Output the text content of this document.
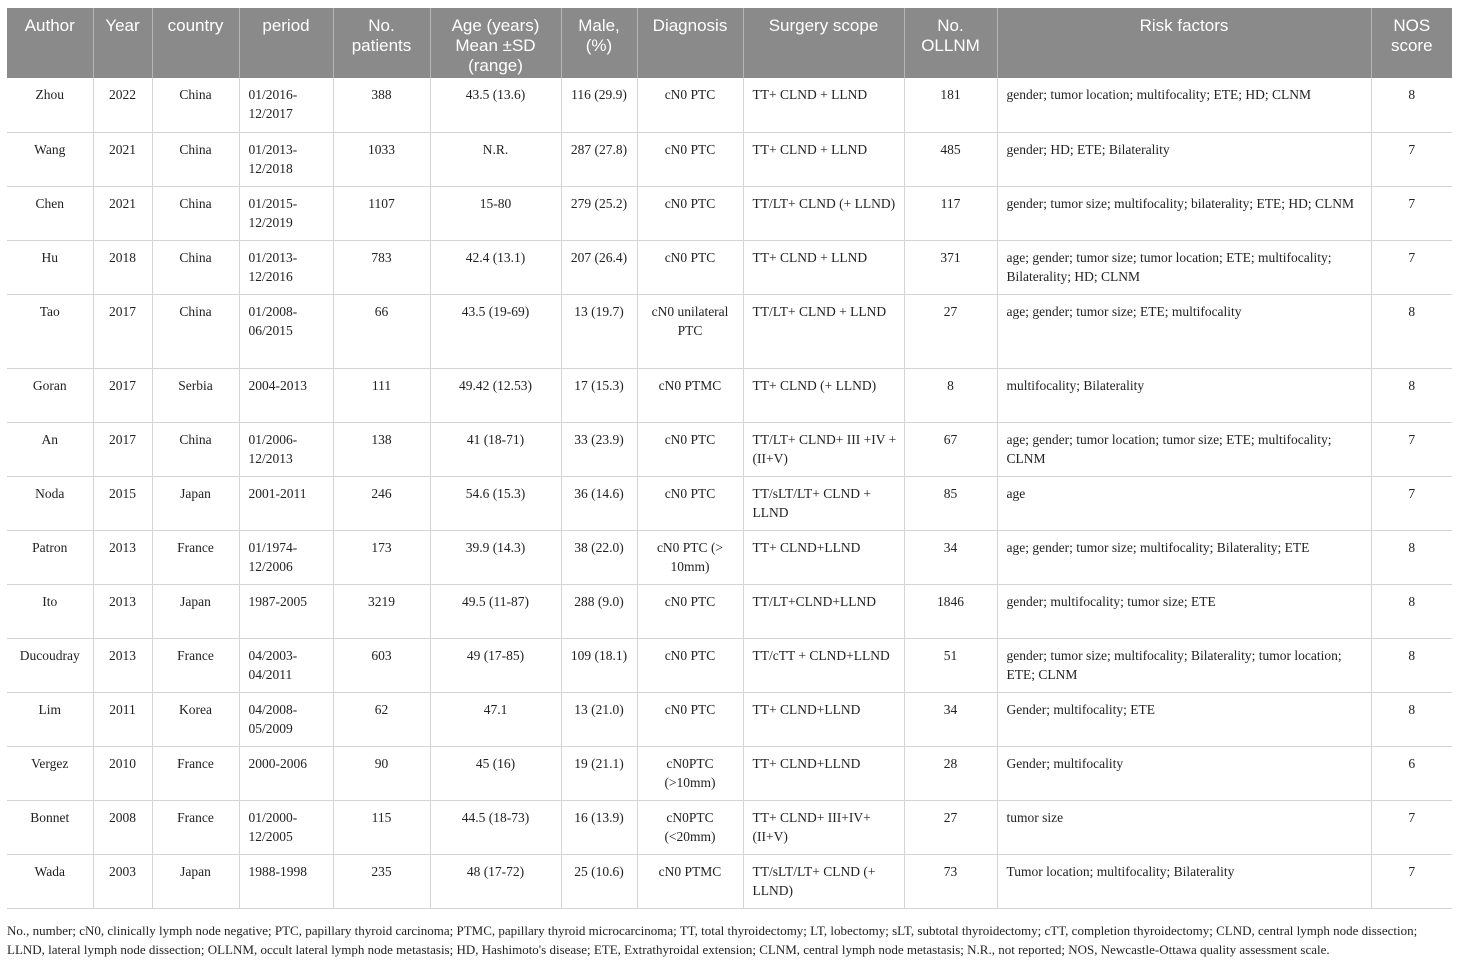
Author	Year	country	period	No. patients	Age (years) Mean ±SD (range)	Male, (%)	Diagnosis	Surgery scope	No. OLLNM	Risk factors	NOS score
Zhou	2022	China	01/2016-12/2017	388	43.5 (13.6)	116 (29.9)	cN0 PTC	TT+ CLND + LLND	181	gender; tumor location; multifocality; ETE; HD; CLNM	8
Wang	2021	China	01/2013-12/2018	1033	N.R.	287 (27.8)	cN0 PTC	TT+ CLND + LLND	485	gender; HD; ETE; Bilaterality	7
Chen	2021	China	01/2015-12/2019	1107	15-80	279 (25.2)	cN0 PTC	TT/LT+ CLND (+ LLND)	117	gender; tumor size; multifocality; bilaterality; ETE; HD; CLNM	7
Hu	2018	China	01/2013-12/2016	783	42.4 (13.1)	207 (26.4)	cN0 PTC	TT+ CLND + LLND	371	age; gender; tumor size; tumor location; ETE; multifocality; Bilaterality; HD; CLNM	7
Tao	2017	China	01/2008-06/2015	66	43.5 (19-69)	13 (19.7)	cN0 unilateral PTC	TT/LT+ CLND + LLND	27	age; gender; tumor size; ETE; multifocality	8
Goran	2017	Serbia	2004-2013	111	49.42 (12.53)	17 (15.3)	cN0 PTMC	TT+ CLND (+ LLND)	8	multifocality; Bilaterality	8
An	2017	China	01/2006-12/2013	138	41 (18-71)	33 (23.9)	cN0 PTC	TT/LT+ CLND+ III +IV + (II+V)	67	age; gender; tumor location; tumor size; ETE; multifocality; CLNM	7
Noda	2015	Japan	2001-2011	246	54.6 (15.3)	36 (14.6)	cN0 PTC	TT/sLT/LT+ CLND + LLND	85	age	7
Patron	2013	France	01/1974-12/2006	173	39.9 (14.3)	38 (22.0)	cN0 PTC (> 10mm)	TT+ CLND+LLND	34	age; gender; tumor size; multifocality; Bilaterality; ETE	8
Ito	2013	Japan	1987-2005	3219	49.5 (11-87)	288 (9.0)	cN0 PTC	TT/LT+CLND+LLND	1846	gender; multifocality; tumor size; ETE	8
Ducoudray	2013	France	04/2003-04/2011	603	49 (17-85)	109 (18.1)	cN0 PTC	TT/cTT + CLND+LLND	51	gender; tumor size; multifocality; Bilaterality; tumor location; ETE; CLNM	8
Lim	2011	Korea	04/2008-05/2009	62	47.1	13 (21.0)	cN0 PTC	TT+ CLND+LLND	34	Gender; multifocality; ETE	8
Vergez	2010	France	2000-2006	90	45 (16)	19 (21.1)	cN0PTC (>10mm)	TT+ CLND+LLND	28	Gender; multifocality	6
Bonnet	2008	France	01/2000-12/2005	115	44.5 (18-73)	16 (13.9)	cN0PTC (<20mm)	TT+ CLND+ III+IV+ (II+V)	27	tumor size	7
Wada	2003	Japan	1988-1998	235	48 (17-72)	25 (10.6)	cN0 PTMC	TT/sLT/LT+ CLND (+ LLND)	73	Tumor location; multifocality; Bilaterality	7

No., number; cN0, clinically lymph node negative; PTC, papillary thyroid carcinoma; PTMC, papillary thyroid microcarcinoma; TT, total thyroidectomy; LT, lobectomy; sLT, subtotal thyroidectomy; cTT, completion thyroidectomy; CLND, central lymph node dissection; LLND, lateral lymph node dissection; OLLNM, occult lateral lymph node metastasis; HD, Hashimoto's disease; ETE, Extrathyroidal extension; CLNM, central lymph node metastasis; N.R., not reported; NOS, Newcastle-Ottawa quality assessment scale.
